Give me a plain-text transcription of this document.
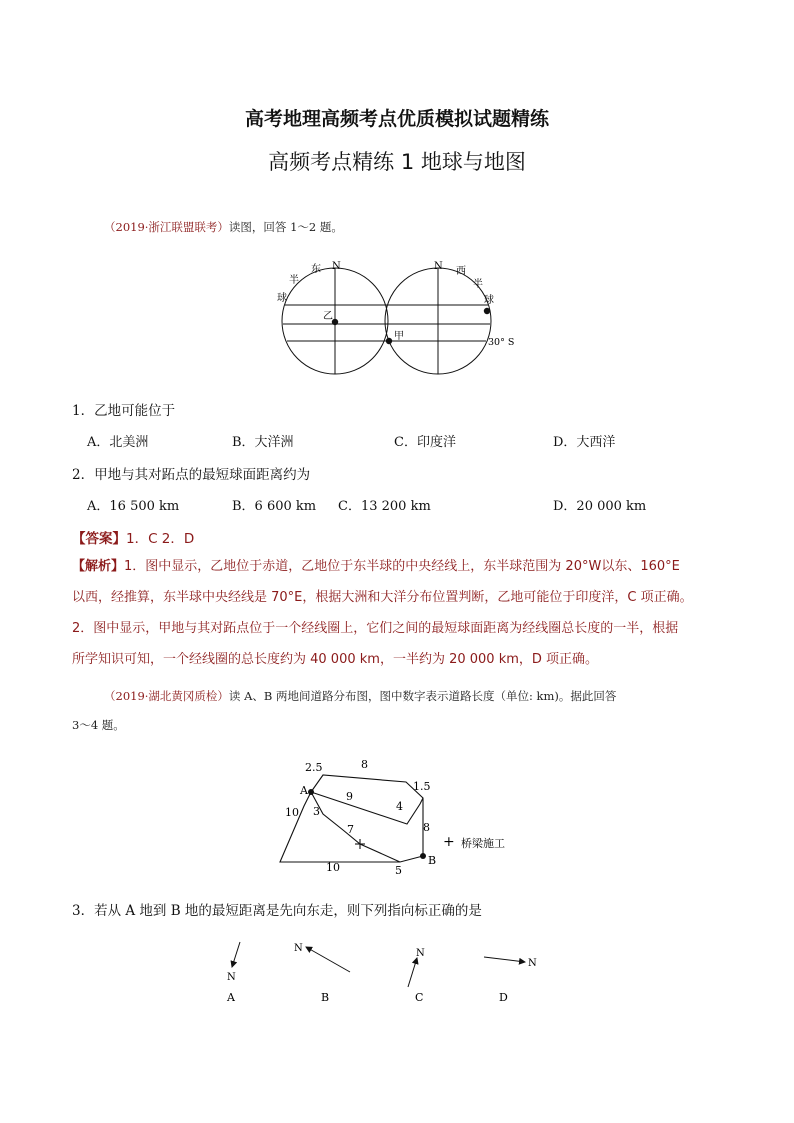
高考地理高频考点优质模拟试题精练
高频考点精练 1 地球与地图
（2019·浙江联盟联考）读图，回答 1～2 题。
N	N
东
半
球
西
半
球
乙
甲
30° S
1．乙地可能位于
A．北美洲	B．大洋洲	C．印度洋	D．大西洋
2．甲地与其对跖点的最短球面距离约为
A．16 500 km	B．6 600 km C．13 200 km	D．20 000 km
【答案】1．C 2．D
【解析】1．图中显示，乙地位于赤道，乙地位于东半球的中央经线上，东半球范围为 20°W以东、160°E
以西，经推算，东半球中央经线是 70°E，根据大洲和大洋分布位置判断，乙地可能位于印度洋，C 项正确。
2．图中显示，甲地与其对跖点位于一个经线圈上，它们之间的最短球面距离为经线圈总长度的一半，根据
所学知识可知，一个经线圈的总长度约为 40 000 km，一半约为 20 000 km，D 项正确。
（2019·湖北黄冈质检）读 A、B 两地间道路分布图，图中数字表示道路长度（单位: km)。据此回答
3～4 题。
A
B
2.5	8
1.5
9
4
3
7	8
10
10	5
+ 桥梁施工
3．若从 A 地到 B 地的最短距离是先向东走，则下列指向标正确的是
N
A
N
B
N
C
N
D
